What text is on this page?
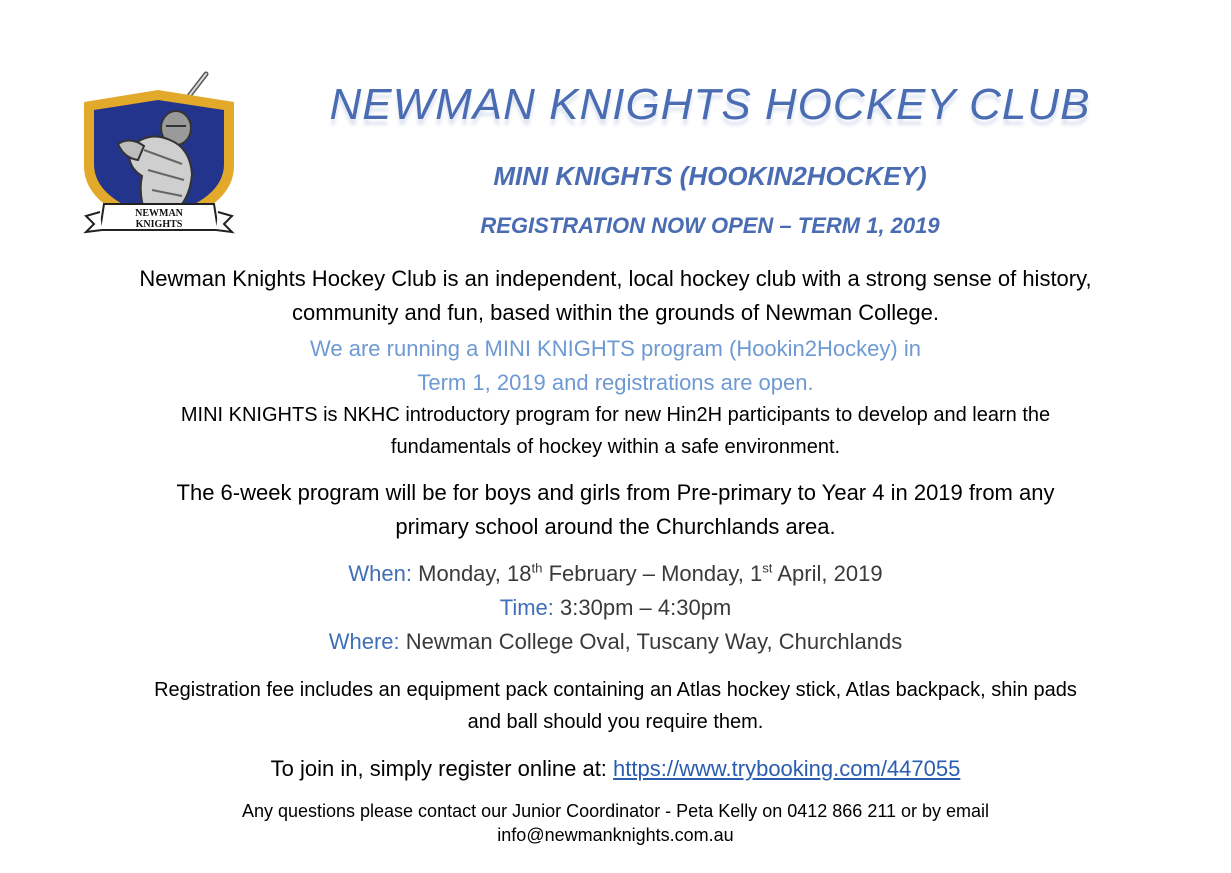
NEWMAN
KNIGHTS
NEWMAN KNIGHTS HOCKEY CLUB
MINI KNIGHTS (HOOKIN2HOCKEY)
REGISTRATION NOW OPEN – TERM 1, 2019
Newman Knights Hockey Club is an independent, local hockey club with a strong sense of history,
community and fun, based within the grounds of Newman College.
We are running a MINI KNIGHTS program (Hookin2Hockey) in
Term 1, 2019 and registrations are open.
MINI KNIGHTS is NKHC introductory program for new Hin2H participants to develop and learn the
fundamentals of hockey within a safe environment.
The 6-week program will be for boys and girls from Pre-primary to Year 4 in 2019 from any
primary school around the Churchlands area.
When: Monday, 18th February – Monday, 1st April, 2019
Time: 3:30pm – 4:30pm
Where: Newman College Oval, Tuscany Way, Churchlands
Registration fee includes an equipment pack containing an Atlas hockey stick, Atlas backpack, shin pads
and ball should you require them.
To join in, simply register online at: https://www.trybooking.com/447055
Any questions please contact our Junior Coordinator - Peta Kelly on 0412 866 211 or by email
info@newmanknights.com.au
